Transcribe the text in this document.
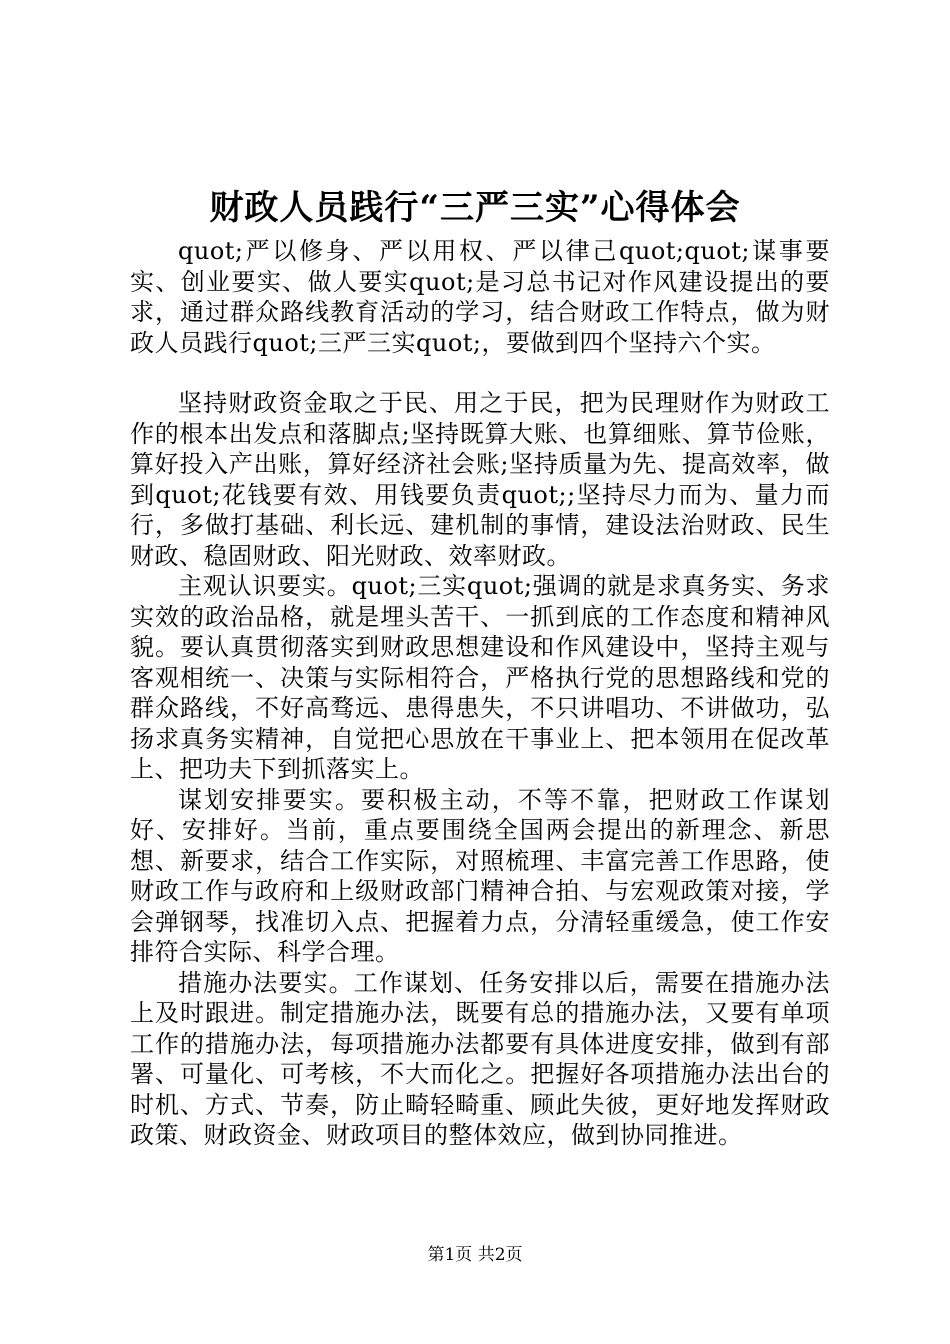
财政人员践行“三严三实”心得体会

quot;严以修身、严以用权、严以律己quot;quot;谋事要实、创业要实、做人要实quot;是习总书记对作风建设提出的要求，通过群众路线教育活动的学习，结合财政工作特点，做为财政人员践行quot;三严三实quot;，要做到四个坚持六个实。

坚持财政资金取之于民、用之于民，把为民理财作为财政工作的根本出发点和落脚点;坚持既算大账、也算细账、算节俭账，算好投入产出账，算好经济社会账;坚持质量为先、提高效率，做到quot;花钱要有效、用钱要负责quot;;坚持尽力而为、量力而行，多做打基础、利长远、建机制的事情，建设法治财政、民生财政、稳固财政、阳光财政、效率财政。

主观认识要实。quot;三实quot;强调的就是求真务实、务求实效的政治品格，就是埋头苦干、一抓到底的工作态度和精神风貌。要认真贯彻落实到财政思想建设和作风建设中，坚持主观与客观相统一、决策与实际相符合，严格执行党的思想路线和党的群众路线，不好高骛远、患得患失，不只讲唱功、不讲做功，弘扬求真务实精神，自觉把心思放在干事业上、把本领用在促改革上、把功夫下到抓落实上。

谋划安排要实。要积极主动，不等不靠，把财政工作谋划好、安排好。当前，重点要围绕全国两会提出的新理念、新思想、新要求，结合工作实际，对照梳理、丰富完善工作思路，使财政工作与政府和上级财政部门精神合拍、与宏观政策对接，学会弹钢琴，找准切入点、把握着力点，分清轻重缓急，使工作安排符合实际、科学合理。

措施办法要实。工作谋划、任务安排以后，需要在措施办法上及时跟进。制定措施办法，既要有总的措施办法，又要有单项工作的措施办法，每项措施办法都要有具体进度安排，做到有部署、可量化、可考核，不大而化之。把握好各项措施办法出台的时机、方式、节奏，防止畸轻畸重、顾此失彼，更好地发挥财政政策、财政资金、财政项目的整体效应，做到协同推进。

第1页 共2页
